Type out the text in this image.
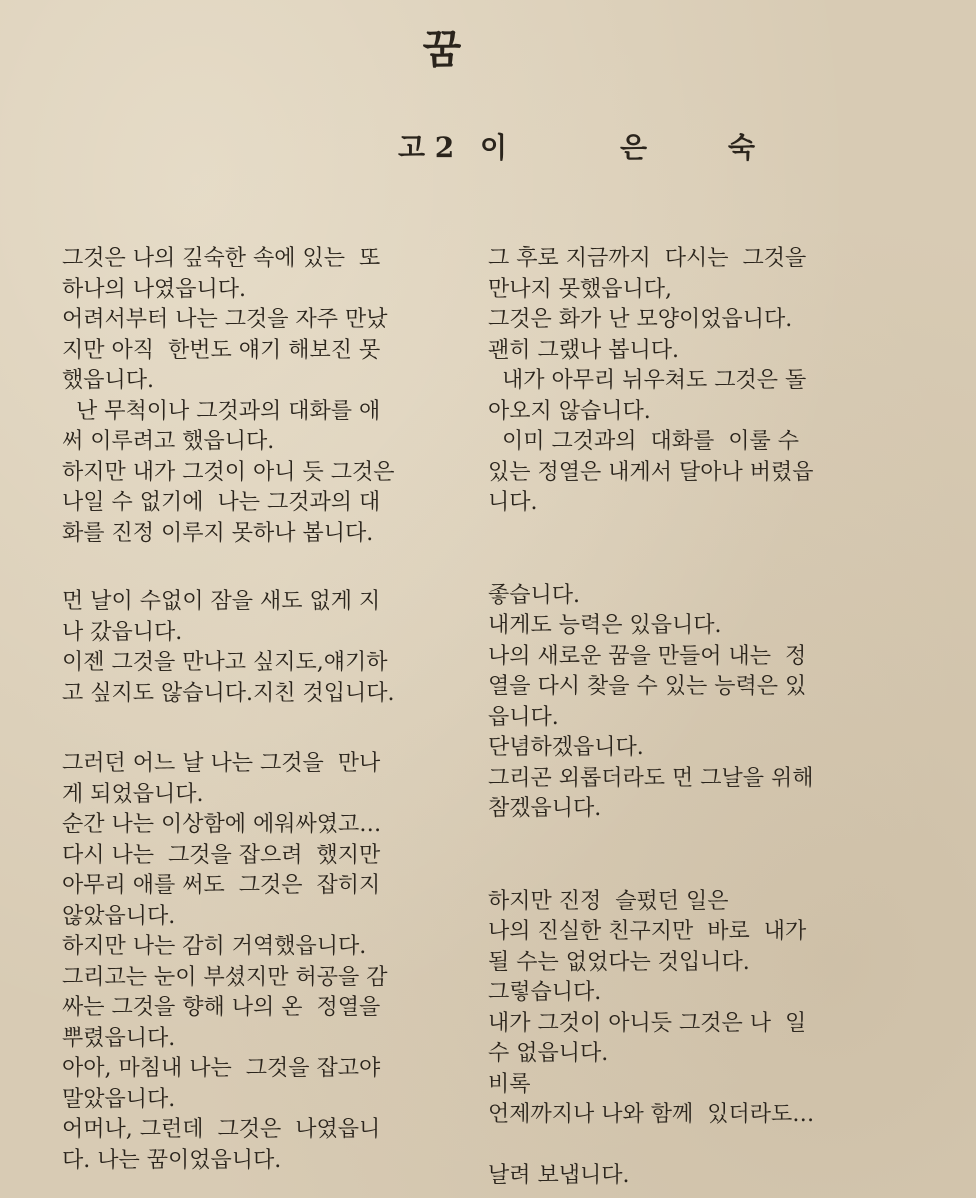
꿈
고 2 이	은	숙

그것은 나의 깊숙한 속에 있는  또

하나의 나였읍니다.

어려서부터 나는 그것을 자주 만났

지만 아직  한번도 얘기 해보진 못

했읍니다.

난 무척이나 그것과의 대화를 애

써 이루려고 했읍니다.

하지만 내가 그것이 아니 듯 그것은

나일 수 없기에  나는 그것과의 대

화를 진정 이루지 못하나 봅니다.

먼 날이 수없이 잠을 새도 없게 지

나 갔읍니다.

이젠 그것을 만나고 싶지도,얘기하

고 싶지도 않습니다.지친 것입니다.

그러던 어느 날 나는 그것을  만나

게 되었읍니다.

순간 나는 이상함에 에워싸였고…

다시 나는  그것을 잡으려  했지만

아무리 애를 써도  그것은  잡히지

않았읍니다.

하지만 나는 감히 거역했읍니다.

그리고는 눈이 부셨지만 허공을 감

싸는 그것을 향해 나의 온  정열을

뿌렸읍니다.

아아, 마침내 나는  그것을 잡고야

말았읍니다.

어머나, 그런데  그것은  나였읍니

다. 나는 꿈이었읍니다.

그 후로 지금까지  다시는  그것을

만나지 못했읍니다,

그것은 화가 난 모양이었읍니다.

괜히 그랬나 봅니다.

내가 아무리 뉘우쳐도 그것은 돌

아오지 않습니다.

이미 그것과의  대화를  이룰 수

있는 정열은 내게서 달아나 버렸읍

니다.

좋습니다.

내게도 능력은 있읍니다.

나의 새로운 꿈을 만들어 내는  정

열을 다시 찾을 수 있는 능력은 있

읍니다.

단념하겠읍니다.

그리곤 외롭더라도 먼 그날을 위해

참겠읍니다.

하지만 진정  슬펐던 일은

나의 진실한 친구지만  바로  내가

될 수는 없었다는 것입니다.

그렇습니다.

내가 그것이 아니듯 그것은 나  일

수 없읍니다.

비록

언제까지나 나와 함께  있더라도…

날려 보냅니다.
